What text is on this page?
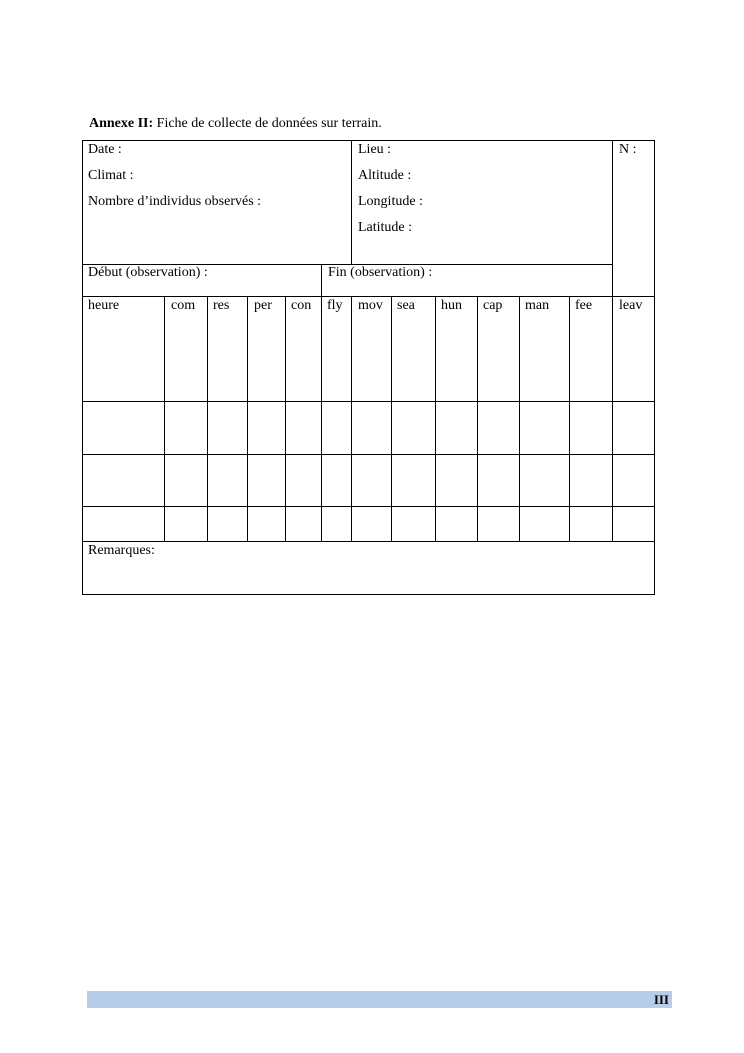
Annexe II: Fiche de collecte de données sur terrain.
Date :
Climat :
Nombre d’individus observés :
Lieu :
Altitude :
Longitude :
Latitude :
N :
Début (observation) :	Fin (observation) :
heure	com res per con fly mov sea hun cap man fee leav
Remarques:
III
